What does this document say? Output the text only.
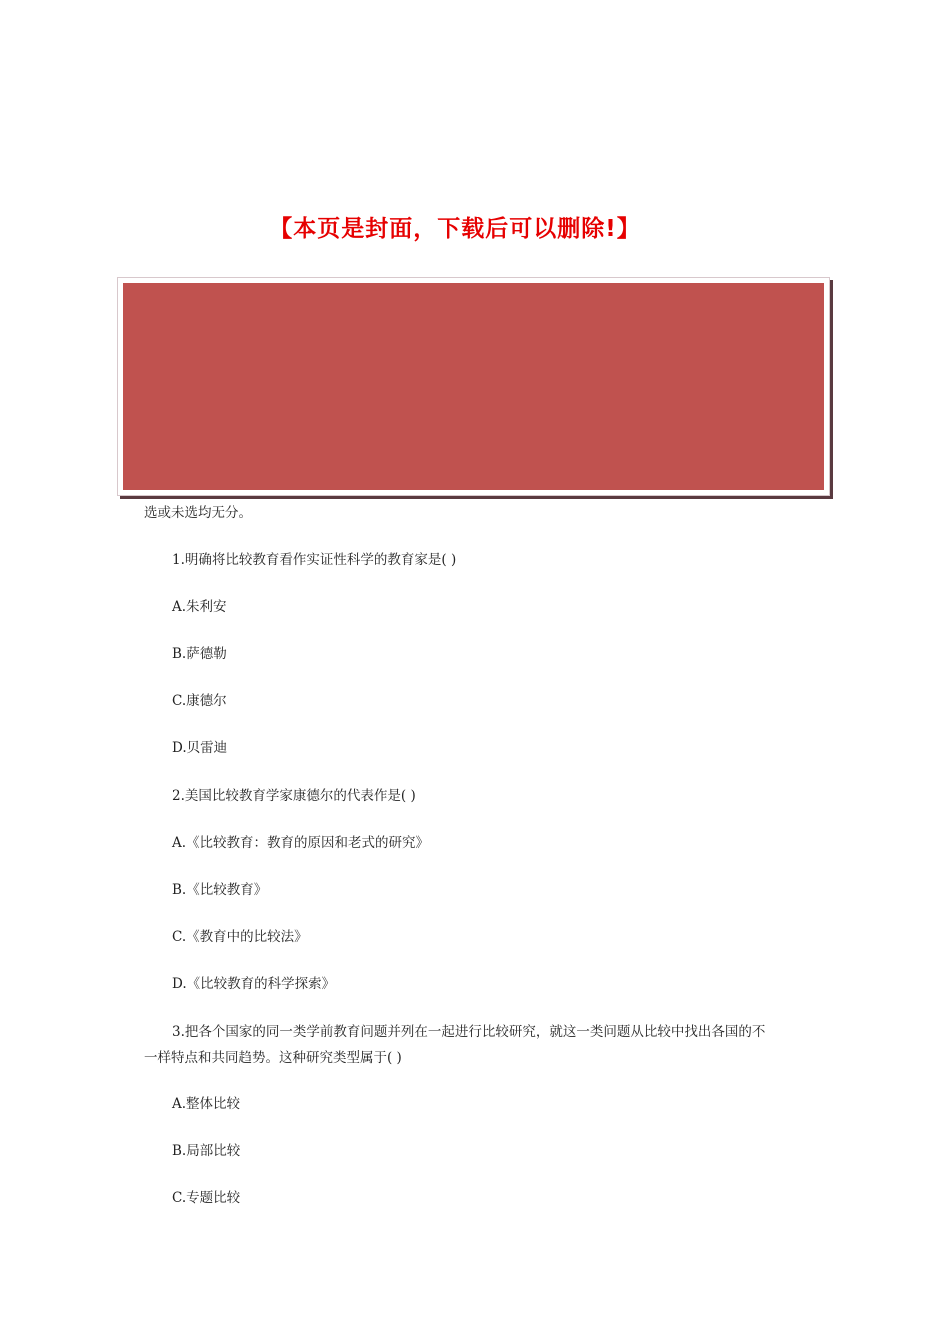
【本页是封面，下载后可以删除!】
选或未选均无分。
1.明确将比较教育看作实证性科学的教育家是( )
A.朱利安
B.萨德勒
C.康德尔
D.贝雷迪
2.美国比较教育学家康德尔的代表作是( )
A.《比较教育：教育的原因和老式的研究》
B.《比较教育》
C.《教育中的比较法》
D.《比较教育的科学探索》
3.把各个国家的同一类学前教育问题并列在一起进行比较研究，就这一类问题从比较中找出各国的不
一样特点和共同趋势。这种研究类型属于( )
A.整体比较
B.局部比较
C.专题比较
